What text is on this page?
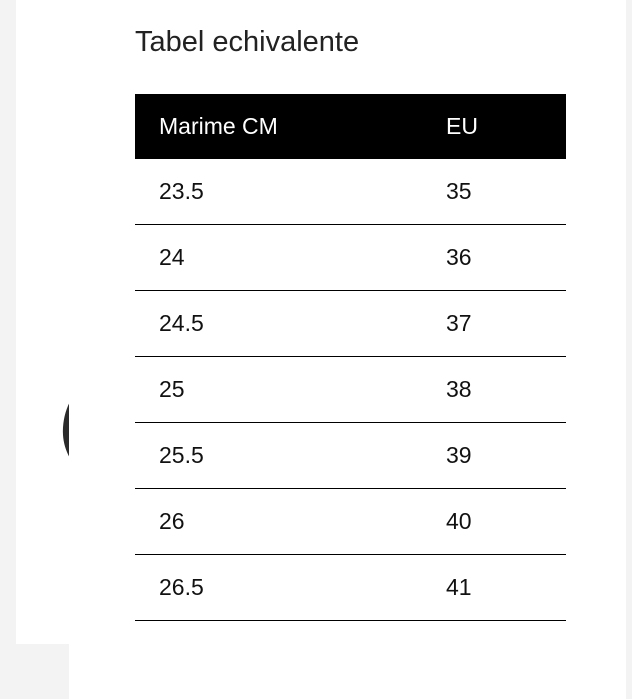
Tabel echivalente
Marime CM	EU
23.5	35
24	36
24.5	37
25	38
25.5	39
26	40
26.5	41
